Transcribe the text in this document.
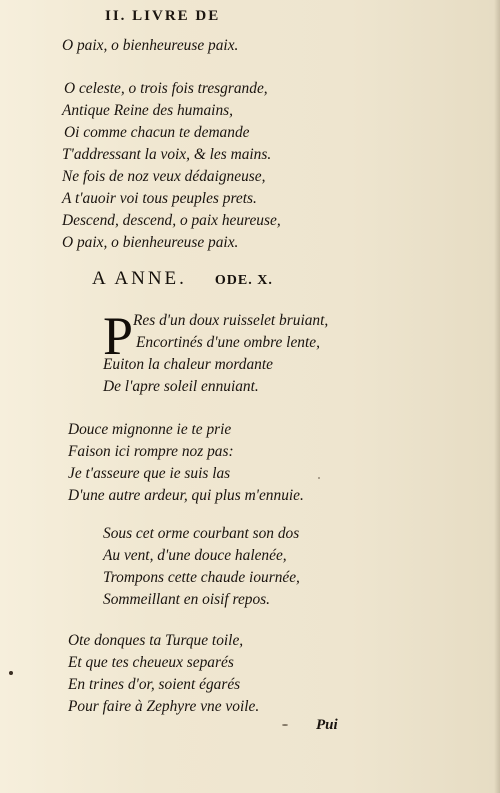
II. LIVRE DE
O paix, o bienheureuse paix.
O celeste, o trois fois tresgrande,
Antique Reine des humains,
Oi comme chacun te demande
T'addressant la voix, & les mains.
Ne fois de noz veux dédaigneuse,
A t'auoir voi tous peuples prets.
Descend, descend, o paix heureuse,
O paix, o bienheureuse paix.
A ANNE. ODE. X.
P Res d'un doux ruisselet bruiant,
Encortinés d'une ombre lente,
Euiton la chaleur mordante
De l'apre soleil ennuiant.
Douce mignonne ie te prie
Faison ici rompre noz pas:
Je t'asseure que ie suis las
D'une autre ardeur, qui plus m'ennuie.
Sous cet orme courbant son dos
Au vent, d'une douce halenée,
Trompons cette chaude iournée,
Sommeillant en oisif repos.
Ote donques ta Turque toile,
Et que tes cheueux separés
En trines d'or, soient égarés
Pour faire à Zephyre vne voile.
Pui
